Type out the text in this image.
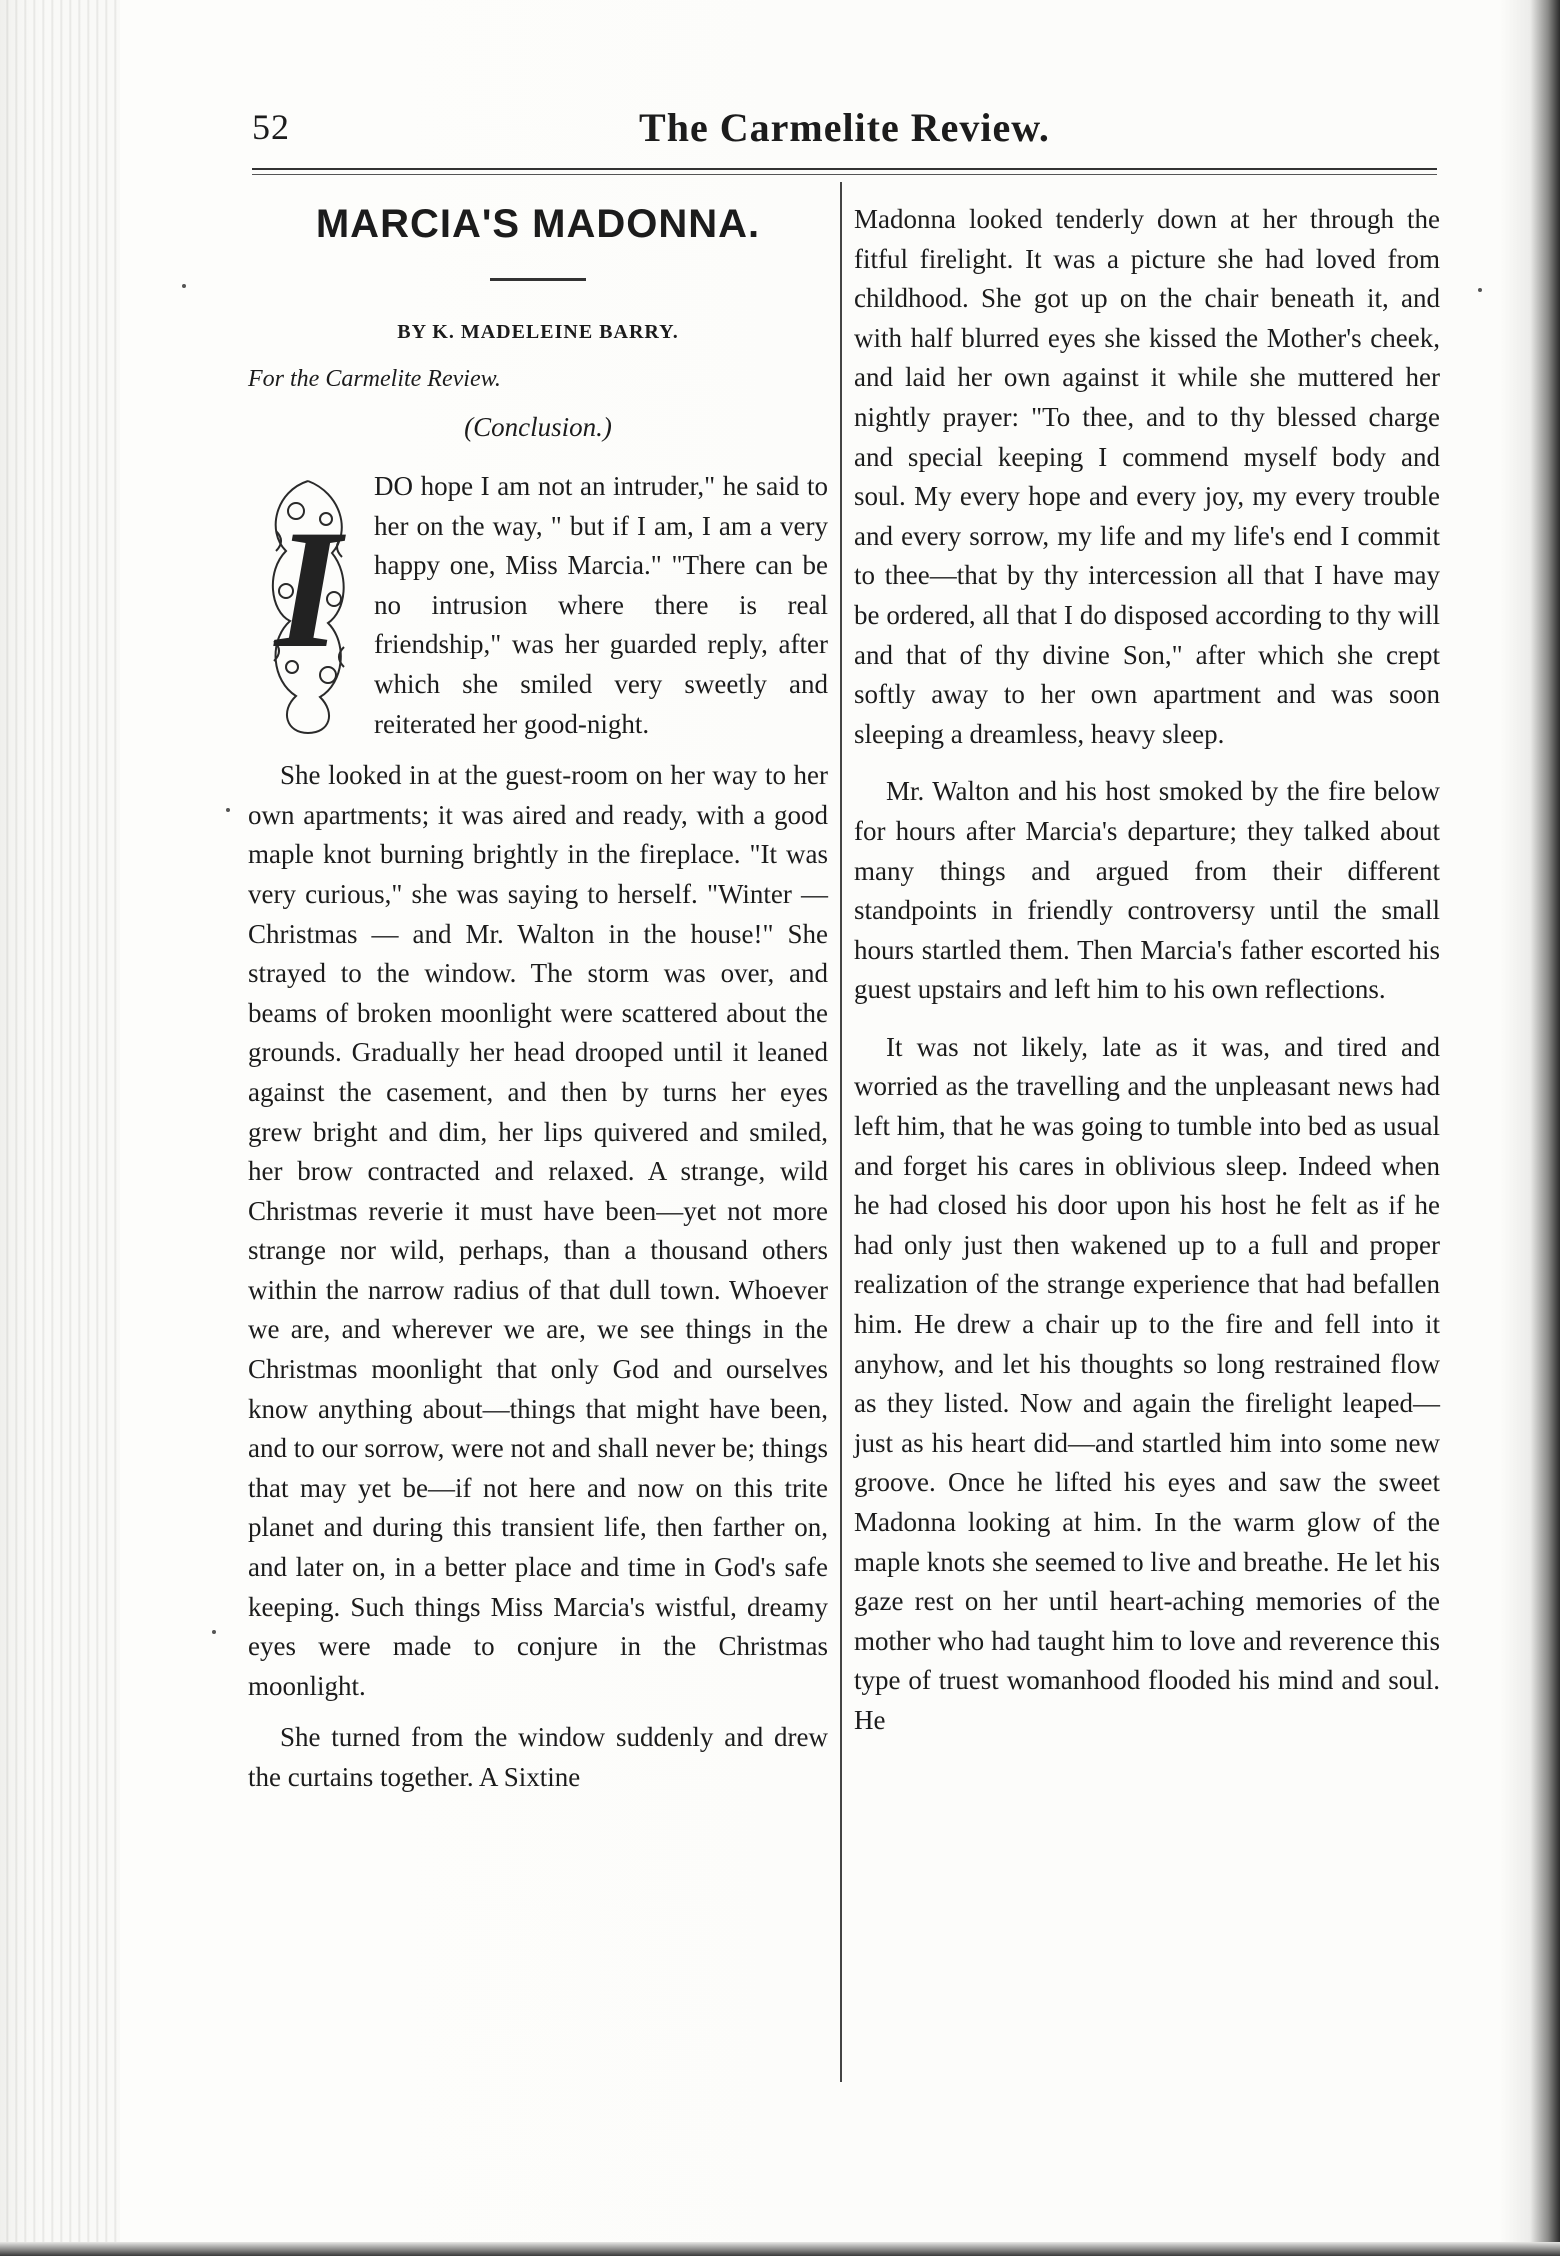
52	The Carmelite Review.
MARCIA'S MADONNA.
BY K. MADELEINE BARRY.
For the Carmelite Review.
(Conclusion.)
I

DO hope I am not an intruder," he said to her on the way, " but if I am, I am a very happy one, Miss Marcia." "There can be no intrusion where there is real friendship," was her guarded reply, after which she smiled very sweetly and reiterated her good-night.

She looked in at the guest-room on her way to her own apartments; it was aired and ready, with a good maple knot burning brightly in the fireplace. "It was very curious," she was saying to herself. "Winter — Christmas — and Mr. Walton in the house!" She strayed to the window. The storm was over, and beams of broken moonlight were scattered about the grounds. Gradually her head drooped until it leaned against the casement, and then by turns her eyes grew bright and dim, her lips quivered and smiled, her brow contracted and relaxed. A strange, wild Christmas reverie it must have been—yet not more strange nor wild, perhaps, than a thousand others within the narrow radius of that dull town. Whoever we are, and wherever we are, we see things in the Christmas moonlight that only God and ourselves know anything about—things that might have been, and to our sorrow, were not and shall never be; things that may yet be—if not here and now on this trite planet and during this transient life, then farther on, and later on, in a better place and time in God's safe keeping. Such things Miss Marcia's wistful, dreamy eyes were made to conjure in the Christmas moonlight.

She turned from the window suddenly and drew the curtains together. A Sixtine

Madonna looked tenderly down at her through the fitful firelight. It was a picture she had loved from childhood. She got up on the chair beneath it, and with half blurred eyes she kissed the Mother's cheek, and laid her own against it while she muttered her nightly prayer: "To thee, and to thy blessed charge and special keeping I commend myself body and soul. My every hope and every joy, my every trouble and every sorrow, my life and my life's end I commit to thee—that by thy intercession all that I have may be ordered, all that I do disposed according to thy will and that of thy divine Son," after which she crept softly away to her own apartment and was soon sleeping a dreamless, heavy sleep.

Mr. Walton and his host smoked by the fire below for hours after Marcia's departure; they talked about many things and argued from their different standpoints in friendly controversy until the small hours startled them. Then Marcia's father escorted his guest upstairs and left him to his own reflections.

It was not likely, late as it was, and tired and worried as the travelling and the unpleasant news had left him, that he was going to tumble into bed as usual and forget his cares in oblivious sleep. Indeed when he had closed his door upon his host he felt as if he had only just then wakened up to a full and proper realization of the strange experience that had befallen him. He drew a chair up to the fire and fell into it anyhow, and let his thoughts so long restrained flow as they listed. Now and again the firelight leaped—just as his heart did—and startled him into some new groove. Once he lifted his eyes and saw the sweet Madonna looking at him. In the warm glow of the maple knots she seemed to live and breathe. He let his gaze rest on her until heart-aching memories of the mother who had taught him to love and reverence this type of truest womanhood flooded his mind and soul. He
